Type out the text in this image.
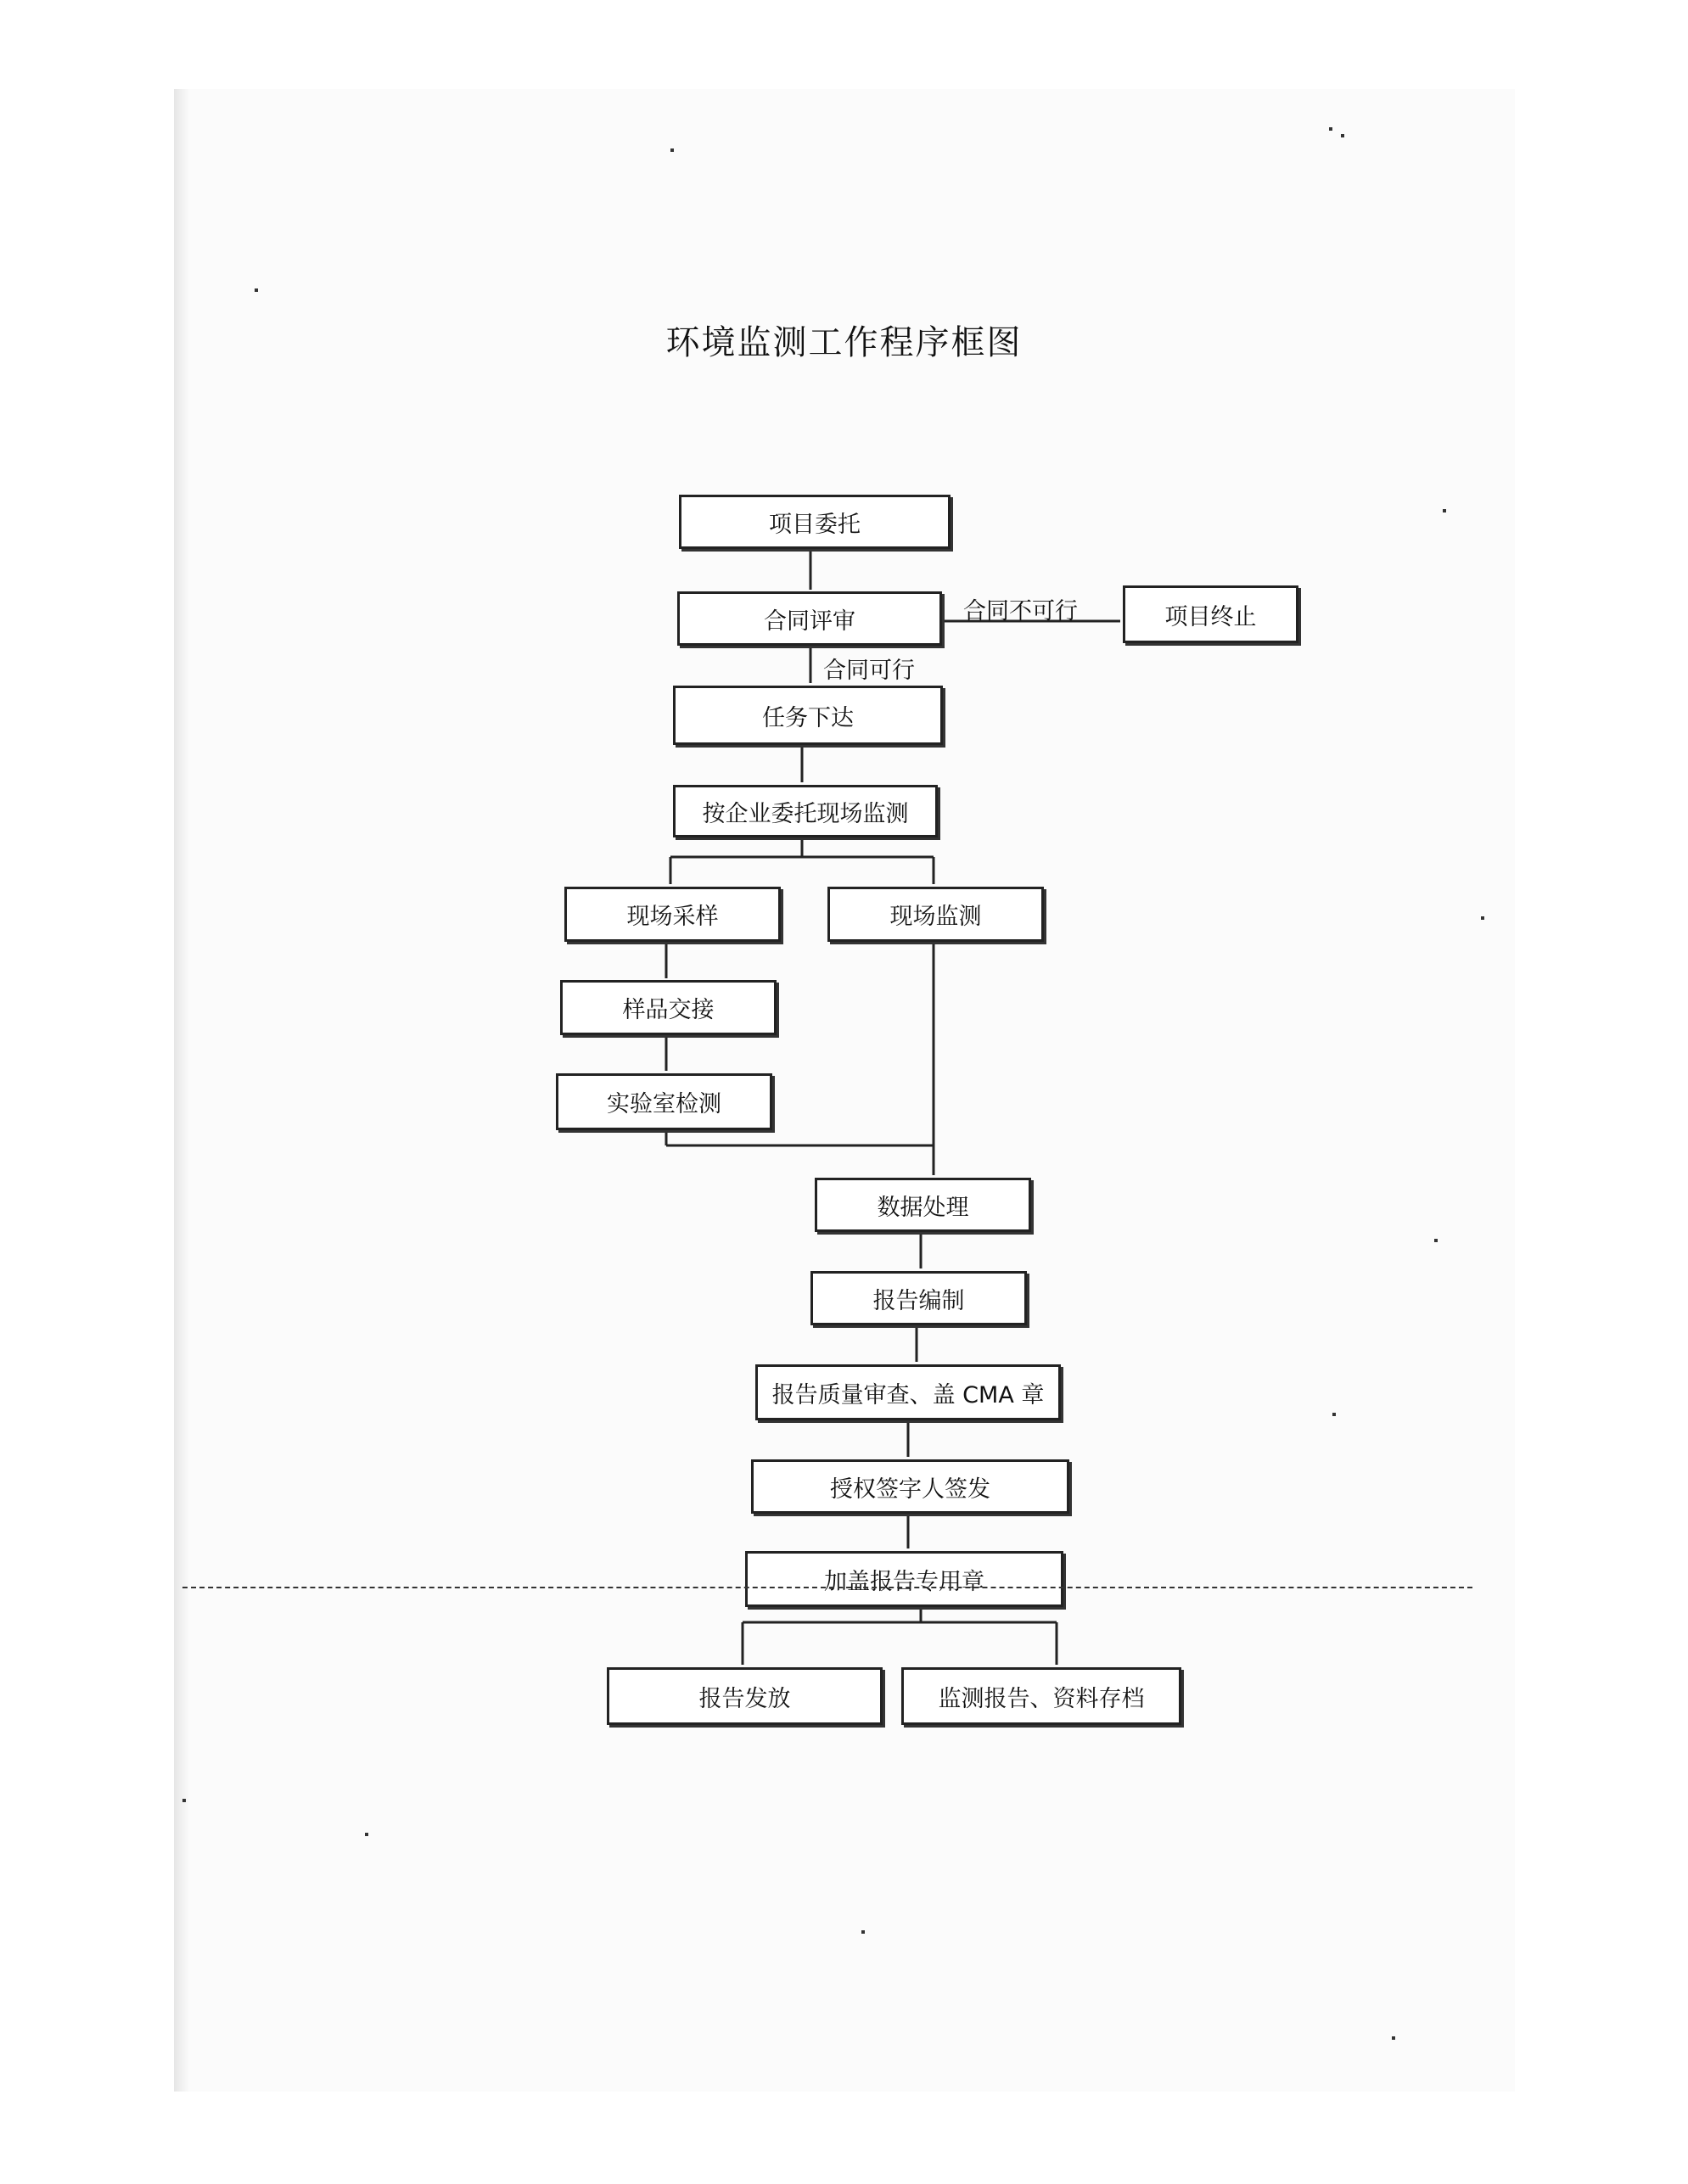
环境监测工作程序框图
项目委托
合同评审	项目终止
合同不可行
合同可行
任务下达
按企业委托现场监测
现场采样	现场监测
样品交接
实验室检测
数据处理
报告编制
报告质量审查、盖 CMA 章
授权签字人签发
加盖报告专用章
报告发放	监测报告、资料存档
